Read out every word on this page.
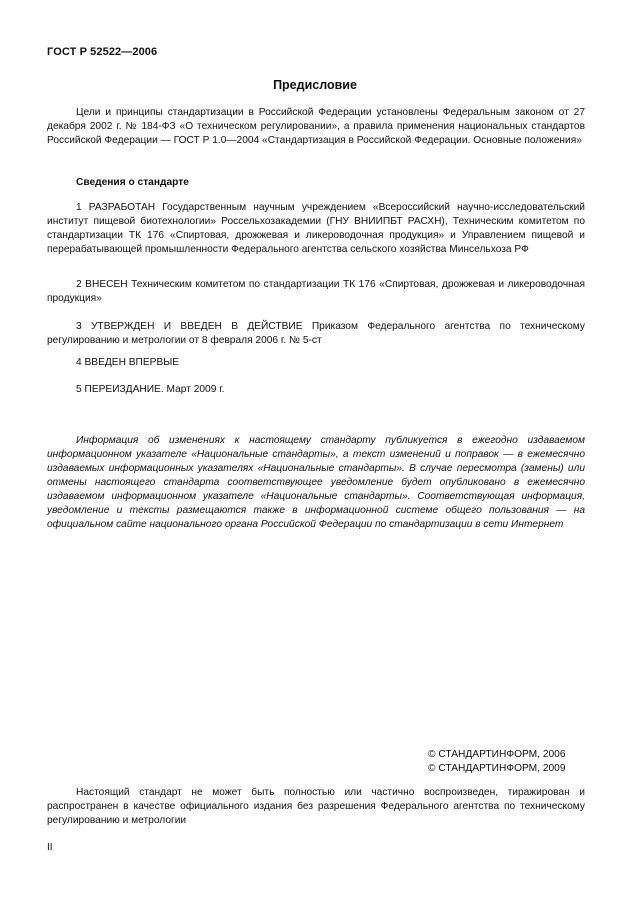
ГОСТ Р 52522—2006
Предисловие
Цели и принципы стандартизации в Российской Федерации установлены Федеральным законом от 27 декабря 2002 г. № 184-ФЗ «О техническом регулировании», а правила применения национальных стандартов Российской Федерации — ГОСТ Р 1.0—2004 «Стандартизация в Российской Федерации. Основные положения»
Сведения о стандарте
1 РАЗРАБОТАН Государственным научным учреждением «Всероссийский научно-исследовательский институт пищевой биотехнологии» Россельхозакадемии (ГНУ ВНИИПБТ РАСХН), Техническим комитетом по стандартизации ТК 176 «Спиртовая, дрожжевая и ликероводочная продукция» и Управлением пищевой и перерабатывающей промышленности Федерального агентства сельского хозяйства Минсельхоза РФ
2 ВНЕСЕН Техническим комитетом по стандартизации ТК 176 «Спиртовая, дрожжевая и ликероводочная продукция»
3 УТВЕРЖДЕН И ВВЕДЕН В ДЕЙСТВИЕ Приказом Федерального агентства по техническому регулированию и метрологии от 8 февраля 2006 г. № 5-ст
4 ВВЕДЕН ВПЕРВЫЕ
5 ПЕРЕИЗДАНИЕ. Март 2009 г.
Информация об изменениях к настоящему стандарту публикуется в ежегодно издаваемом информационном указателе «Национальные стандарты», а текст изменений и поправок — в ежемесячно издаваемых информационных указателях «Национальные стандарты». В случае пересмотра (замены) или отмены настоящего стандарта соответствующее уведомление будет опубликовано в ежемесячно издаваемом информационном указателе «Национальные стандарты». Соответствующая информация, уведомление и тексты размещаются также в информационной системе общего пользования — на официальном сайте национального органа Российской Федерации по стандартизации в сети Интернет
© СТАНДАРТИНФОРМ, 2006
© СТАНДАРТИНФОРМ, 2009
Настоящий стандарт не может быть полностью или частично воспроизведен, тиражирован и распространен в качестве официального издания без разрешения Федерального агентства по техническому регулированию и метрологии
II
